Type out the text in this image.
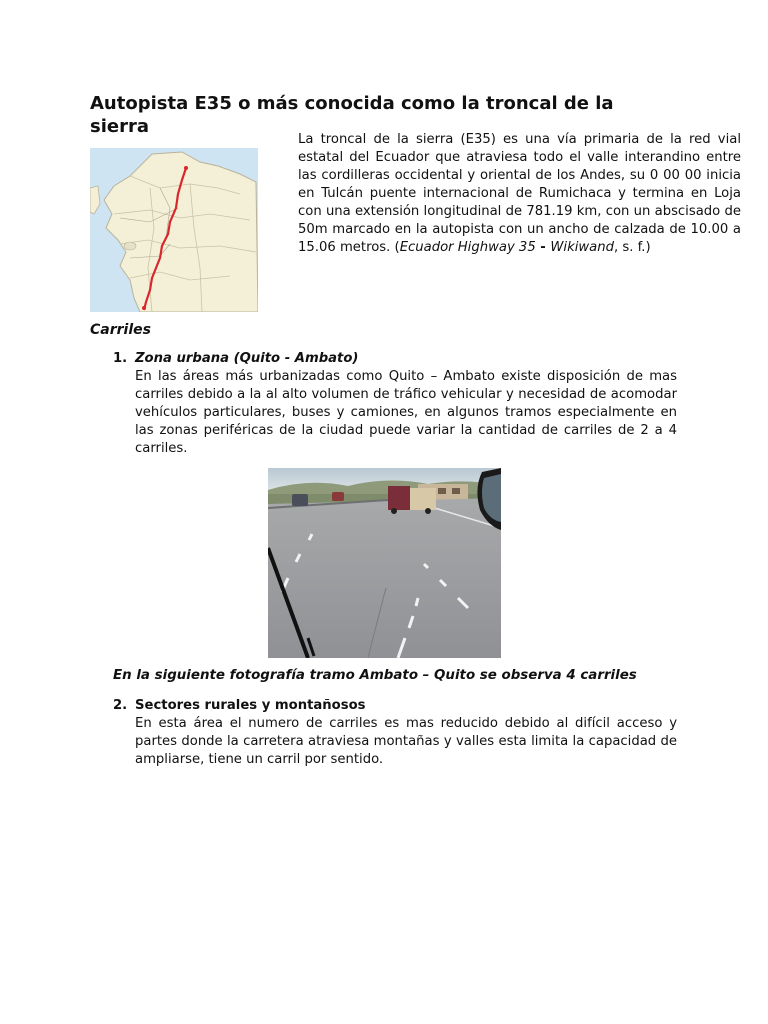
Autopista E35 o más conocida como la troncal de la sierra

La troncal de la sierra (E35) es una vía primaria de la red vial estatal del Ecuador que atraviesa todo el valle interandino entre las cordilleras occidental y oriental de los Andes, su 0 00 00 inicia en Tulcán puente internacional de Rumichaca y termina en Loja con una extensión longitudinal de 781.19 km, con un abscisado de 50m marcado en la autopista con un ancho de calzada de 10.00 a 15.06 metros. (Ecuador Highway 35 - Wikiwand, s. f.)

Carriles
1. Zona urbana (Quito - Ambato)

En las áreas más urbanizadas como Quito – Ambato existe disposición de mas carriles debido a la al alto volumen de tráfico vehicular y necesidad de acomodar vehículos particulares, buses y camiones, en algunos tramos especialmente en las zonas periféricas de la ciudad puede variar la cantidad de carriles de 2 a 4 carriles.

En la siguiente fotografía tramo Ambato – Quito se observa 4 carriles

2. Sectores rurales y montañosos

En esta área el numero de carriles es mas reducido debido al difícil acceso y partes donde la carretera atraviesa montañas y valles esta limita la capacidad de ampliarse, tiene un carril por sentido.
